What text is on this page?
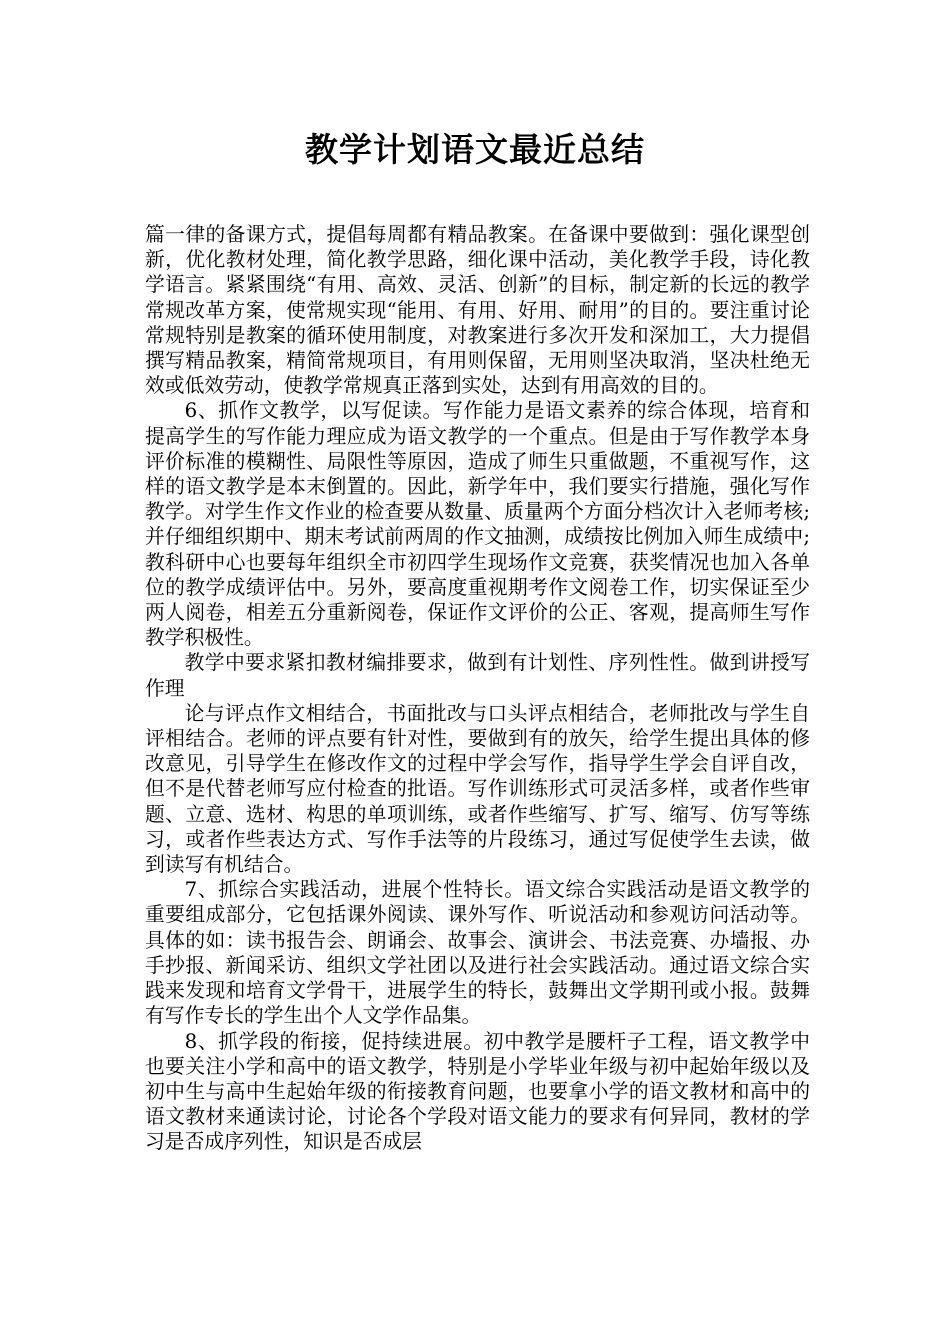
教学计划语文最近总结

篇一律的备课方式，提倡每周都有精品教案。在备课中要做到：强化课型创新，优化教材处理，简化教学思路，细化课中活动，美化教学手段，诗化教学语言。紧紧围绕“有用、高效、灵活、创新”的目标，制定新的长远的教学常规改革方案，使常规实现“能用、有用、好用、耐用”的目的。要注重讨论常规特别是教案的循环使用制度，对教案进行多次开发和深加工，大力提倡撰写精品教案，精简常规项目，有用则保留，无用则坚决取消，坚决杜绝无效或低效劳动，使教学常规真正落到实处，达到有用高效的目的。

6、抓作文教学，以写促读。写作能力是语文素养的综合体现，培育和提高学生的写作能力理应成为语文教学的一个重点。但是由于写作教学本身评价标准的模糊性、局限性等原因，造成了师生只重做题，不重视写作，这样的语文教学是本末倒置的。因此，新学年中，我们要实行措施，强化写作教学。对学生作文作业的检查要从数量、质量两个方面分档次计入老师考核;并仔细组织期中、期末考试前两周的作文抽测，成绩按比例加入师生成绩中;教科研中心也要每年组织全市初四学生现场作文竞赛，获奖情况也加入各单位的教学成绩评估中。另外，要高度重视期考作文阅卷工作，切实保证至少两人阅卷，相差五分重新阅卷，保证作文评价的公正、客观，提高师生写作教学积极性。

教学中要求紧扣教材编排要求，做到有计划性、序列性性。做到讲授写作理

论与评点作文相结合，书面批改与口头评点相结合，老师批改与学生自评相结合。老师的评点要有针对性，要做到有的放矢，给学生提出具体的修改意见，引导学生在修改作文的过程中学会写作，指导学生学会自评自改，但不是代替老师写应付检查的批语。写作训练形式可灵活多样，或者作些审题、立意、选材、构思的单项训练，或者作些缩写、扩写、缩写、仿写等练习，或者作些表达方式、写作手法等的片段练习，通过写促使学生去读，做到读写有机结合。

7、抓综合实践活动，进展个性特长。语文综合实践活动是语文教学的重要组成部分，它包括课外阅读、课外写作、听说活动和参观访问活动等。具体的如：读书报告会、朗诵会、故事会、演讲会、书法竞赛、办墙报、办手抄报、新闻采访、组织文学社团以及进行社会实践活动。通过语文综合实践来发现和培育文学骨干，进展学生的特长，鼓舞出文学期刊或小报。鼓舞有写作专长的学生出个人文学作品集。

8、抓学段的衔接，促持续进展。初中教学是腰杆子工程，语文教学中也要关注小学和高中的语文教学，特别是小学毕业年级与初中起始年级以及初中生与高中生起始年级的衔接教育问题，也要拿小学的语文教材和高中的语文教材来通读讨论，讨论各个学段对语文能力的要求有何异同，教材的学习是否成序列性，知识是否成层
